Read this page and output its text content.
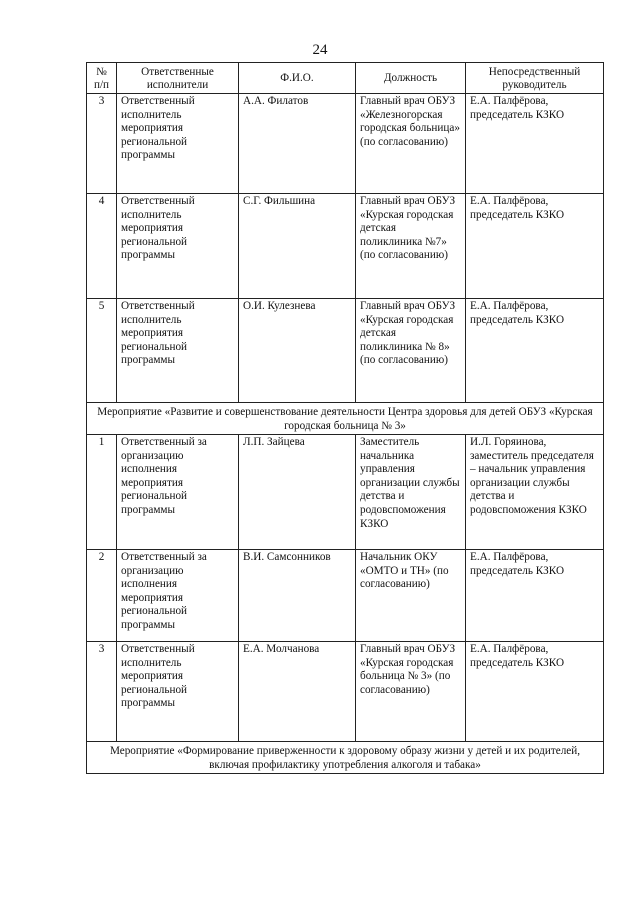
24
№ п/п	Ответственные исполнители	Ф.И.О.	Должность	Непосредственный руководитель
3	Ответственный исполнитель мероприятия региональной программы	А.А. Филатов	Главный врач ОБУЗ «Железногорская городская больница» (по согласованию)	Е.А. Палфёрова, председатель КЗКО
4	Ответственный исполнитель мероприятия региональной программы	С.Г. Фильшина	Главный врач ОБУЗ «Курская городская детская поликлиника №7» (по согласованию)	Е.А. Палфёрова, председатель КЗКО
5	Ответственный исполнитель мероприятия региональной программы	О.И. Кулезнева	Главный врач ОБУЗ «Курская городская детская поликлиника № 8» (по согласованию)	Е.А. Палфёрова, председатель КЗКО
Мероприятие «Развитие и совершенствование деятельности Центра здоровья для детей ОБУЗ «Курская городская больница № 3»				
1	Ответственный за организацию исполнения мероприятия региональной программы	Л.П. Зайцева	Заместитель начальника управления организации службы детства и родовспоможения КЗКО	И.Л. Горяинова, заместитель председателя – начальник управления организации службы детства и родовспоможения КЗКО
2	Ответственный за организацию исполнения мероприятия региональной программы	В.И. Самсонников	Начальник ОКУ «ОМТО и ТН» (по согласованию)	Е.А. Палфёрова, председатель КЗКО
3	Ответственный исполнитель мероприятия региональной программы	Е.А. Молчанова	Главный врач ОБУЗ «Курская городская больница № 3» (по согласованию)	Е.А. Палфёрова, председатель КЗКО
Мероприятие «Формирование приверженности к здоровому образу жизни у детей и их родителей, включая профилактику употребления алкоголя и табака»				
